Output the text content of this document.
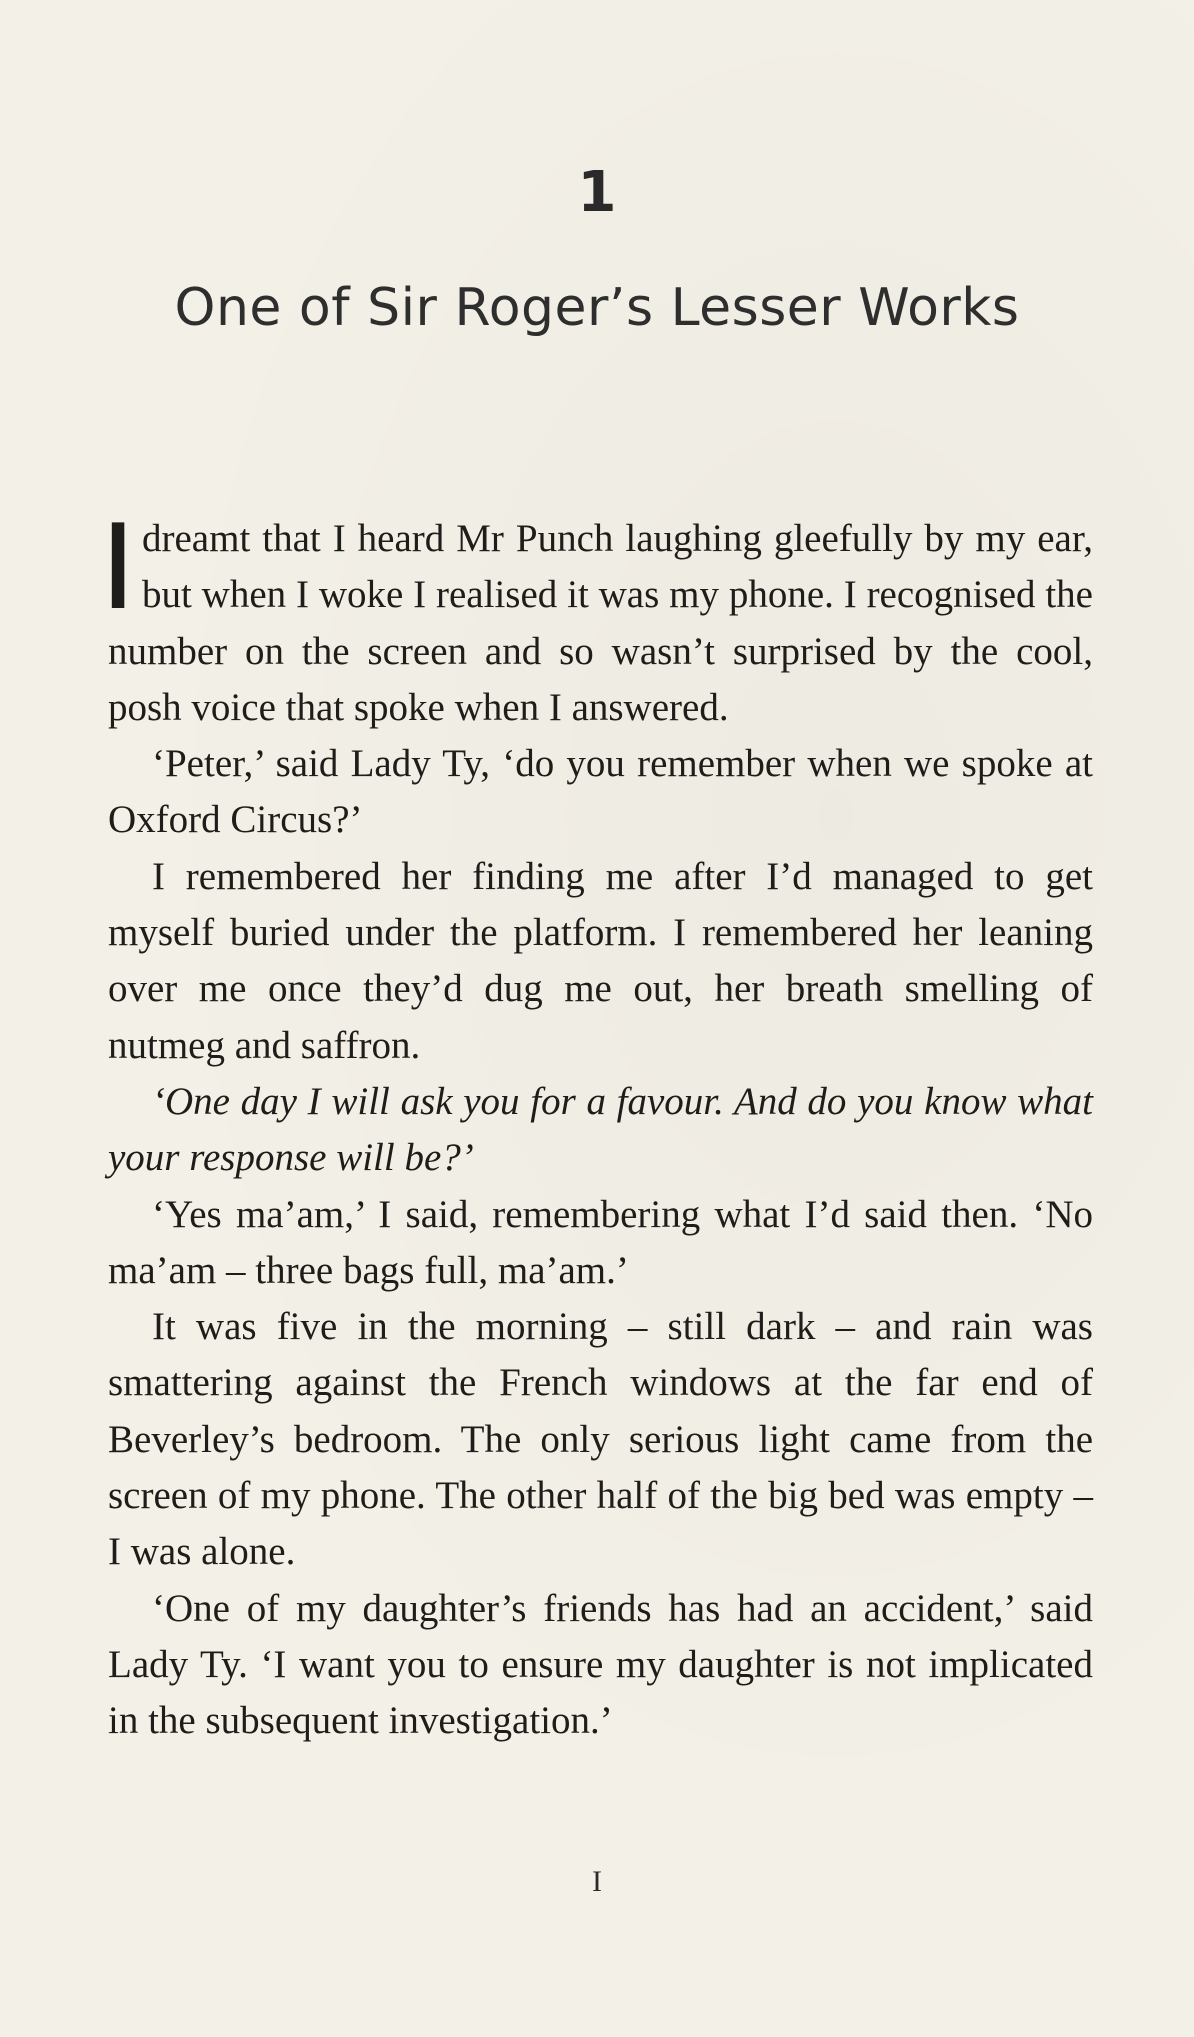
1
One of Sir Roger’s Lesser Works

Idreamt that I heard Mr Punch laughing gleefully by my ear, but when I woke I realised it was my phone. I recognised the number on the screen and so wasn’t surprised by the cool, posh voice that spoke when I answered.

‘Peter,’ said Lady Ty, ‘do you remember when we spoke at Oxford Circus?’

I remembered her finding me after I’d managed to get myself buried under the platform. I remembered her leaning over me once they’d dug me out, her breath smelling of nutmeg and saffron.

‘One day I will ask you for a favour. And do you know what your response will be?’

‘Yes ma’am,’ I said, remembering what I’d said then. ‘No ma’am – three bags full, ma’am.’

It was five in the morning – still dark – and rain was smattering against the French windows at the far end of Beverley’s bedroom. The only serious light came from the screen of my phone. The other half of the big bed was empty – I was alone.

‘One of my daughter’s friends has had an accident,’ said Lady Ty. ‘I want you to ensure my daughter is not implicated in the subsequent investigation.’

I
